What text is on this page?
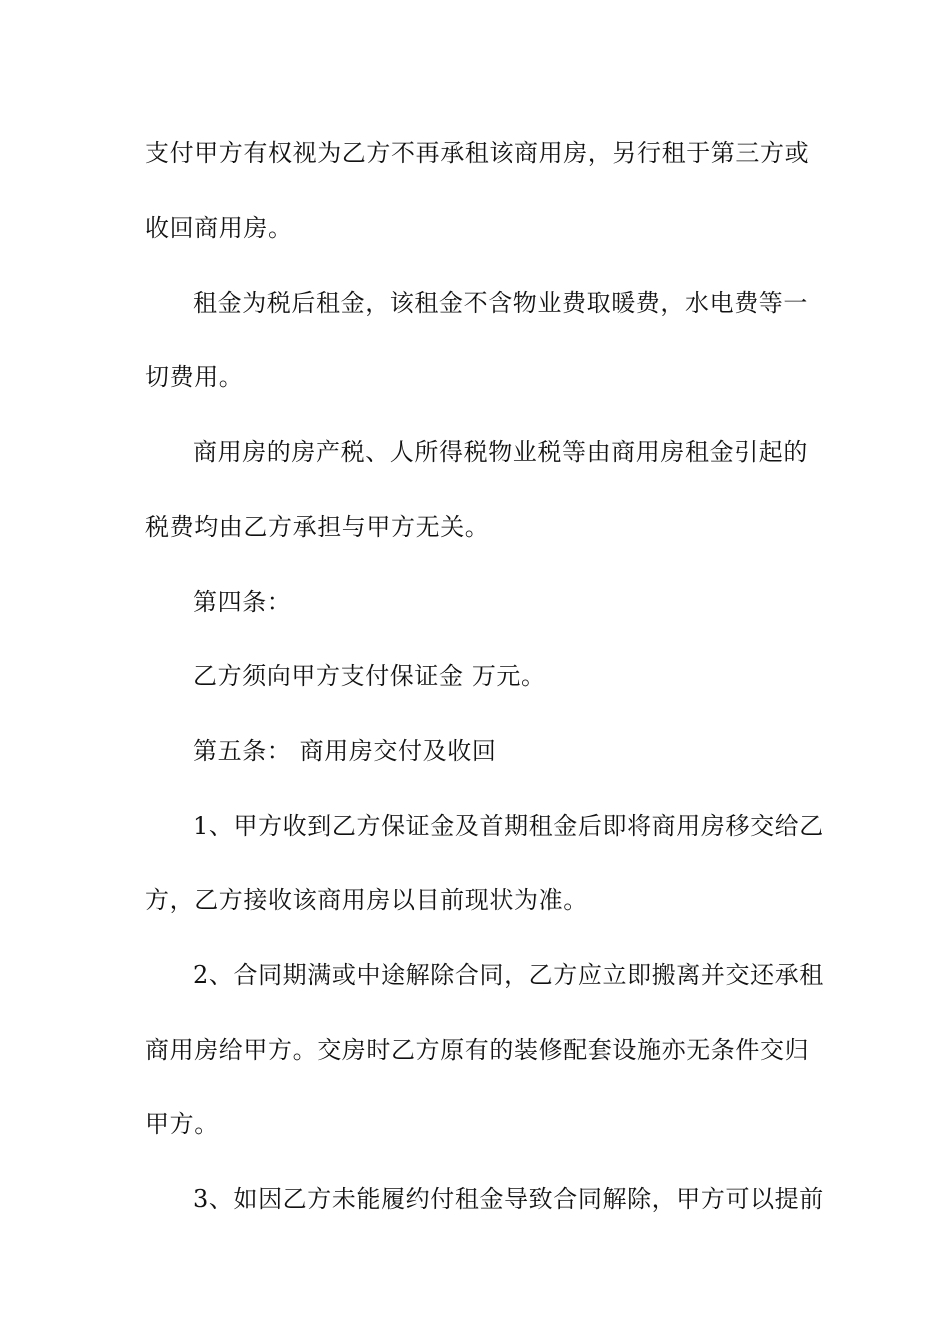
支付甲方有权视为乙方不再承租该商用房，另行租于第三方或
收回商用房。
租金为税后租金，该租金不含物业费取暖费，水电费等一
切费用。
商用房的房产税、人所得税物业税等由商用房租金引起的
税费均由乙方承担与甲方无关。
第四条：
乙方须向甲方支付保证金 万元。
第五条： 商用房交付及收回
1、甲方收到乙方保证金及首期租金后即将商用房移交给乙
方，乙方接收该商用房以目前现状为准。
2、合同期满或中途解除合同，乙方应立即搬离并交还承租
商用房给甲方。交房时乙方原有的装修配套设施亦无条件交归
甲方。
3、如因乙方未能履约付租金导致合同解除，甲方可以提前
